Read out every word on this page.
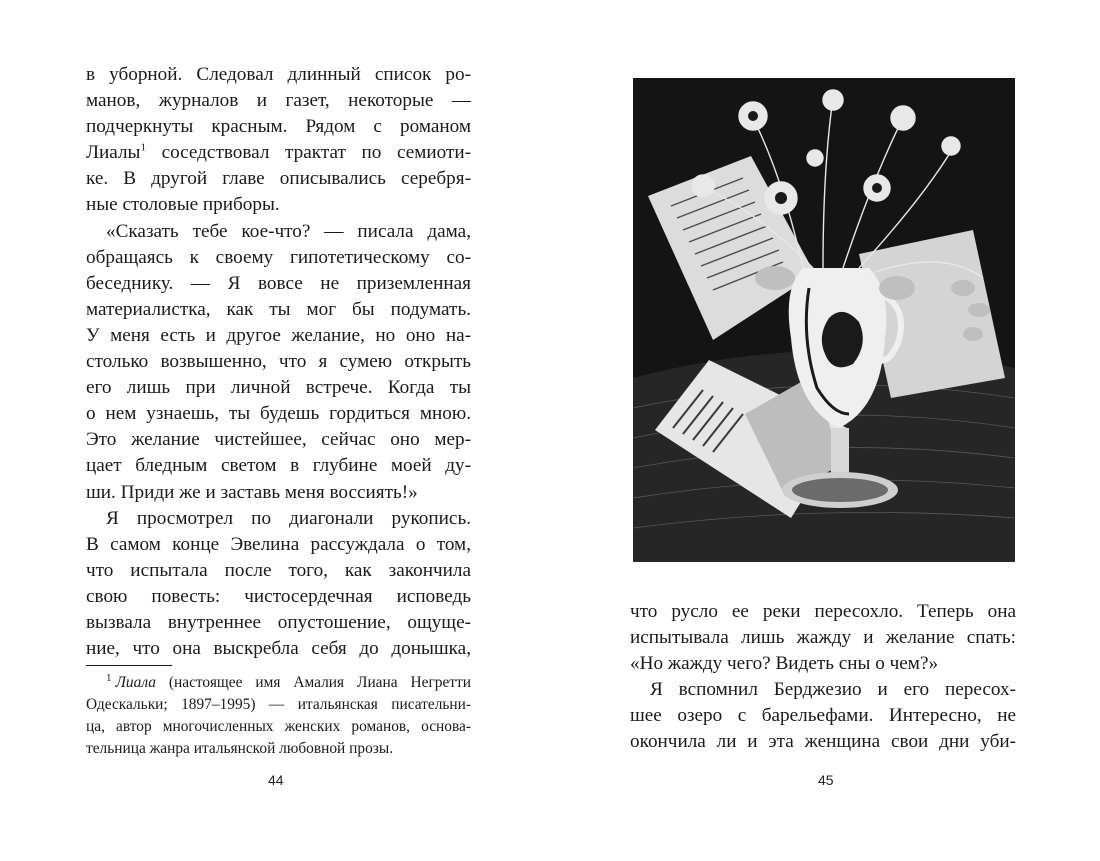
в уборной. Следовал длинный список ро-
манов, журналов и газет, некоторые —
подчеркнуты красным. Рядом с романом
Лиалы$^1$ соседствовал трактат по семиоти-
ке. В другой главе описывались серебря-
ные столовые приборы.
«Сказать тебе кое-что? — писала дама,
обращаясь к своему гипотетическому со-
беседнику. — Я вовсе не приземленная
материалистка, как ты мог бы подумать.
У меня есть и другое желание, но оно на-
столько возвышенно, что я сумею открыть
его лишь при личной встрече. Когда ты
о нем узнаешь, ты будешь гордиться мною.
Это желание чистейшее, сейчас оно мер-
цает бледным светом в глубине моей ду-
ши. Приди же и заставь меня воссиять!»
Я просмотрел по диагонали рукопись.
В самом конце Эвелина рассуждала о том,
что испытала после того, как закончила
свою повесть: чистосердечная исповедь
вызвала внутреннее опустошение, ощуще-
ние, что она выскребла себя до донышка,
$^1$ Лиала (настоящее имя Амалия Лиана Негретти
Одескальки; 1897–1995) — итальянская писательни-
ца, автор многочисленных женских романов, основа-
тельница жанра итальянской любовной прозы.
44
что русло ее реки пересохло. Теперь она
испытывала лишь жажду и желание спать:
«Но жажду чего? Видеть сны о чем?»
Я вспомнил Берджезио и его пересох-
шее озеро с барельефами. Интересно, не
окончила ли и эта женщина свои дни уби-
45
